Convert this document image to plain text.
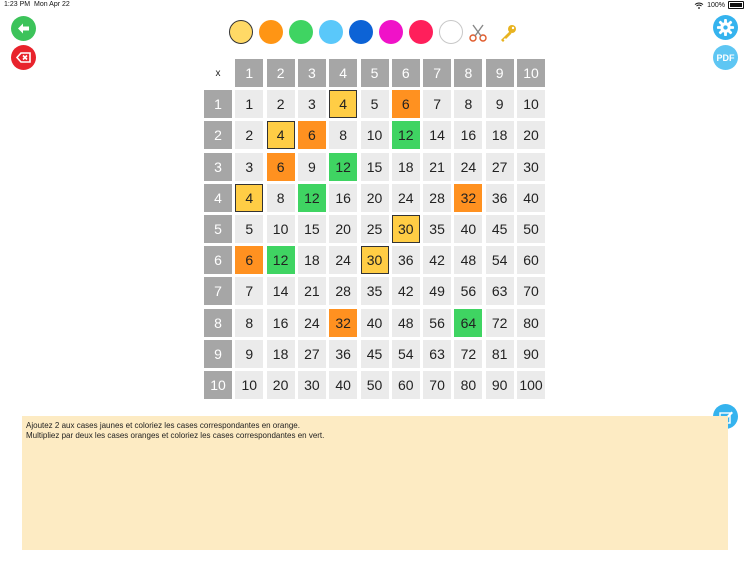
1:23 PM Mon Apr 22	100%
PDF
x	1	2	3	4	5	6	7	8	9	10
1	1	2	3	4	5	6	7	8	9	10
2	2	4	6	8	10	12	14	16	18	20
3	3	6	9	12	15	18	21	24	27	30
4	4	8	12	16	20	24	28	32	36	40
5	5	10	15	20	25	30	35	40	45	50
6	6	12	18	24	30	36	42	48	54	60
7	7	14	21	28	35	42	49	56	63	70
8	8	16	24	32	40	48	56	64	72	80
9	9	18	27	36	45	54	63	72	81	90
10	10	20	30	40	50	60	70	80	90 100
Ajoutez 2 aux cases jaunes et coloriez les cases correspondantes en orange.
Multipliez par deux les cases oranges et coloriez les cases correspondantes en vert.
